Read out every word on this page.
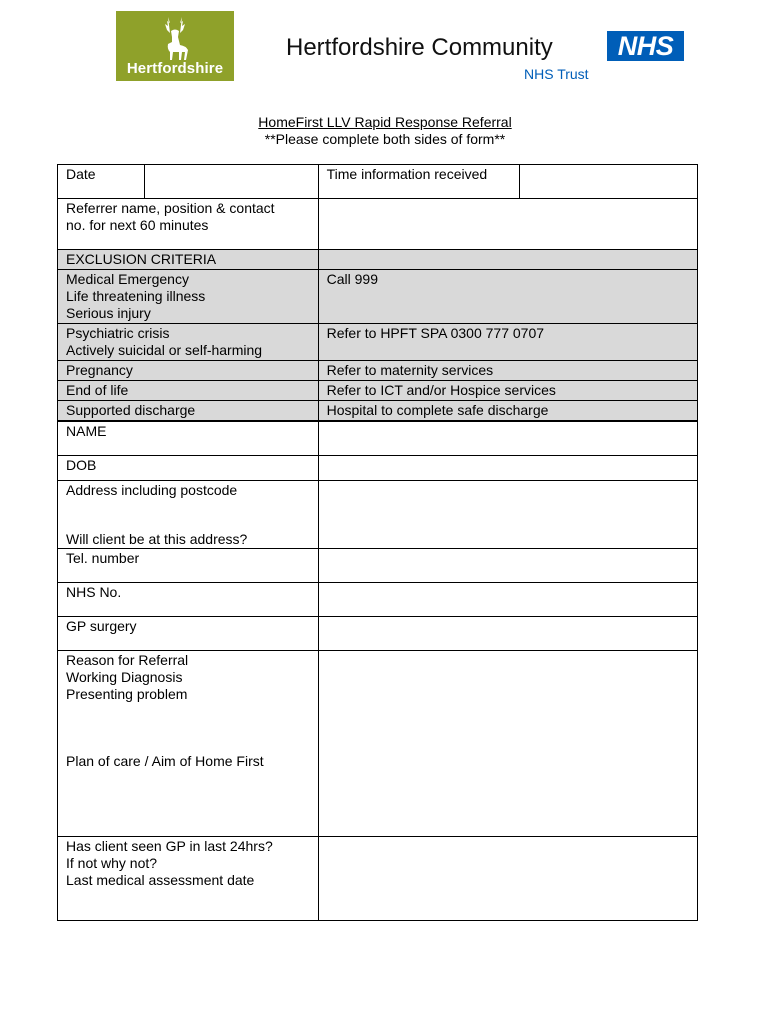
Hertfordshire
Hertfordshire Community	NHS
NHS Trust
HomeFirst LLV Rapid Response Referral
**Please complete both sides of form**
Date		Time information received	

Referrer name, position & contact
no. for next 60 minutes			

EXCLUSION CRITERIA			

Medical Emergency
Life threatening illness
Serious injury		Call 999	

Psychiatric crisis
Actively suicidal or self-harming		Refer to HPFT SPA 0300 777 0707	
Pregnancy		Refer to maternity services	
End of life		Refer to ICT and/or Hospice services	
Supported discharge		Hospital to complete safe discharge	
NAME	
DOB	

Address including postcode
Will client be at this address?	

Tel. number	
NHS No.	
GP surgery	

Reason for Referral
Working Diagnosis
Presenting problem
Plan of care / Aim of Home First	

Has client seen GP in last 24hrs?
If not why not?
Last medical assessment date	
